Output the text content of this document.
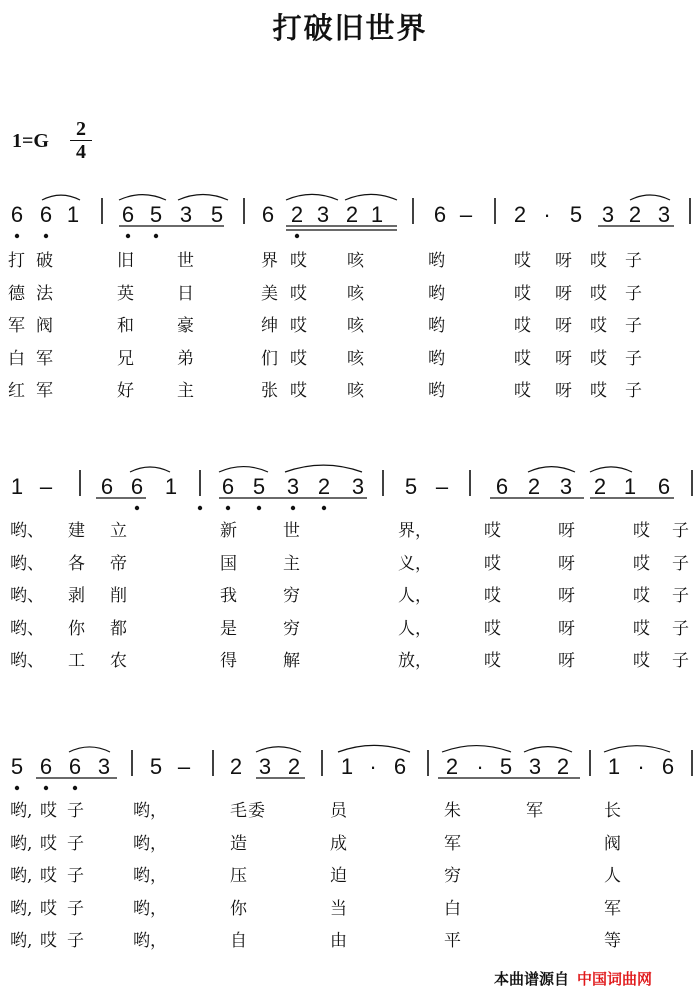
打破旧世界
$1=G \frac{2}{4}$
6 6 1 6 5 3 5 6 2 3 2 1 6 – 2 · 5 3 2 3
1 – 6 6 1 6 5 3 2 3 5 – 6 2 3 2 1 6
5 6 6 3 5 – 2 3 2 1 · 6 2 · 5 3 2 1 · 6
打 破	旧	世	界 哎 咳	哟	哎 呀 哎 子
德 法	英	日	美 哎 咳	哟	哎 呀 哎 子
军 阀	和	豪	绅 哎 咳	哟	哎 呀 哎 子
白 军	兄	弟	们 哎 咳	哟	哎 呀 哎 子
红 军	好	主	张 哎 咳	哟	哎 呀 哎 子
哟、 建 立	新	世	界，	哎	呀	哎 子
哟、 各 帝	国	主	义，	哎	呀	哎 子
哟、 剥 削	我	穷	人，	哎	呀	哎 子
哟、 你 都	是	穷	人，	哎	呀	哎 子
哟、 工 农	得	解	放，	哎	呀	哎 子
哟, 哎 子	哟，	毛 委	员	朱	军	长
哟, 哎 子	哟，	造	成	军	阀
哟, 哎 子	哟，	压	迫	穷	人
哟, 哎 子	哟，	你	当	白	军
哟, 哎 子	哟，	自	由	平	等
本曲谱源自 中国词曲网
